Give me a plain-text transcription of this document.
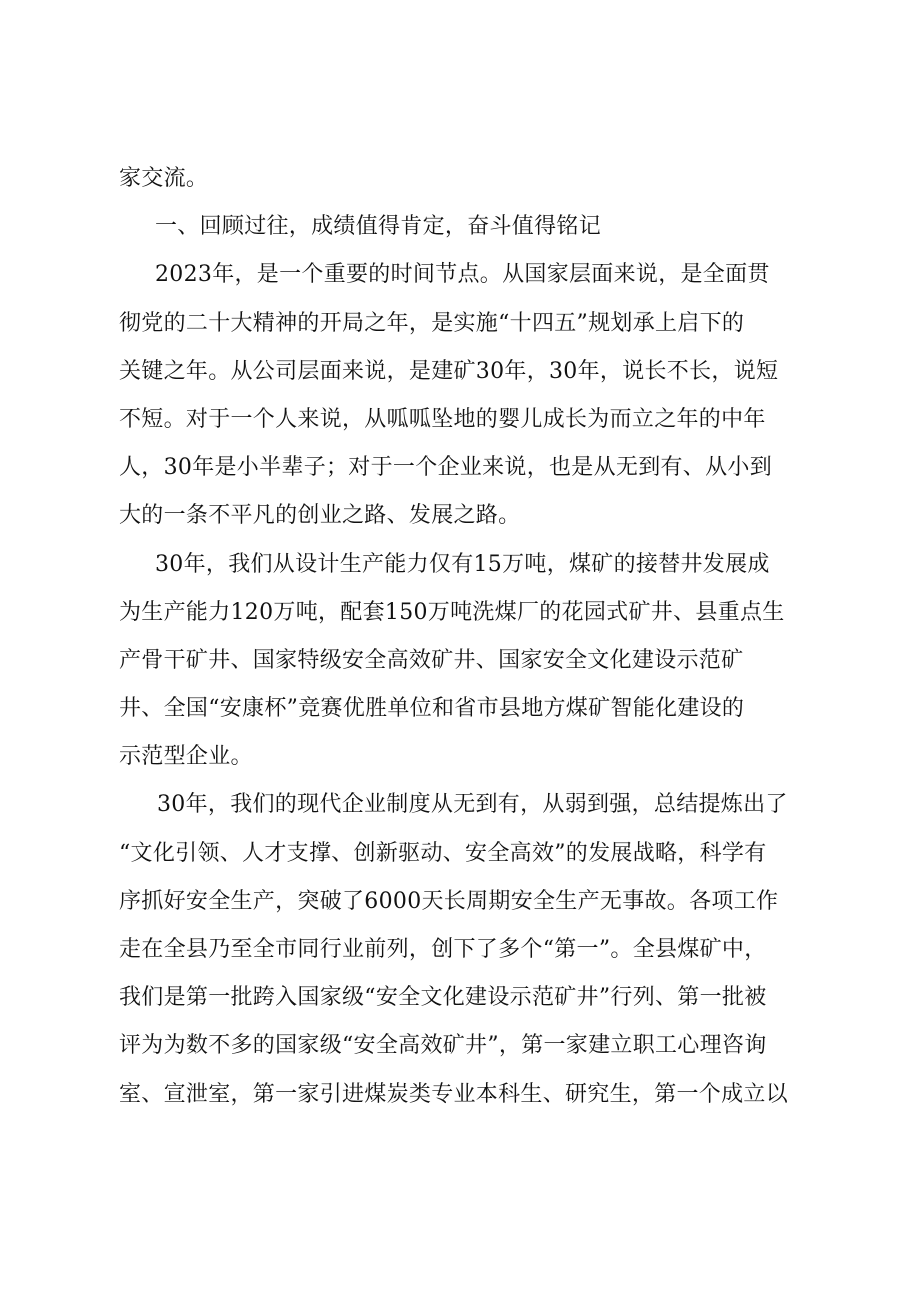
家交流。

一、回顾过往，成绩值得肯定，奋斗值得铭记

2023年，是一个重要的时间节点。从国家层面来说，是全面贯
彻党的二十大精神的开局之年，是实施“十四五”规划承上启下的
关键之年。从公司层面来说，是建矿30年，30年，说长不长，说短
不短。对于一个人来说，从呱呱坠地的婴儿成长为而立之年的中年
人，30年是小半辈子；对于一个企业来说，也是从无到有、从小到
大的一条不平凡的创业之路、发展之路。

30年，我们从设计生产能力仅有15万吨，煤矿的接替井发展成
为生产能力120万吨，配套150万吨洗煤厂的花园式矿井、县重点生
产骨干矿井、国家特级安全高效矿井、国家安全文化建设示范矿
井、全国“安康杯”竞赛优胜单位和省市县地方煤矿智能化建设的
示范型企业。

30年，我们的现代企业制度从无到有，从弱到强，总结提炼出了
“文化引领、人才支撑、创新驱动、安全高效”的发展战略，科学有
序抓好安全生产，突破了6000天长周期安全生产无事故。各项工作
走在全县乃至全市同行业前列，创下了多个“第一”。全县煤矿中，
我们是第一批跨入国家级“安全文化建设示范矿井”行列、第一批被
评为为数不多的国家级“安全高效矿井”，第一家建立职工心理咨询
室、宣泄室，第一家引进煤炭类专业本科生、研究生，第一个成立以
